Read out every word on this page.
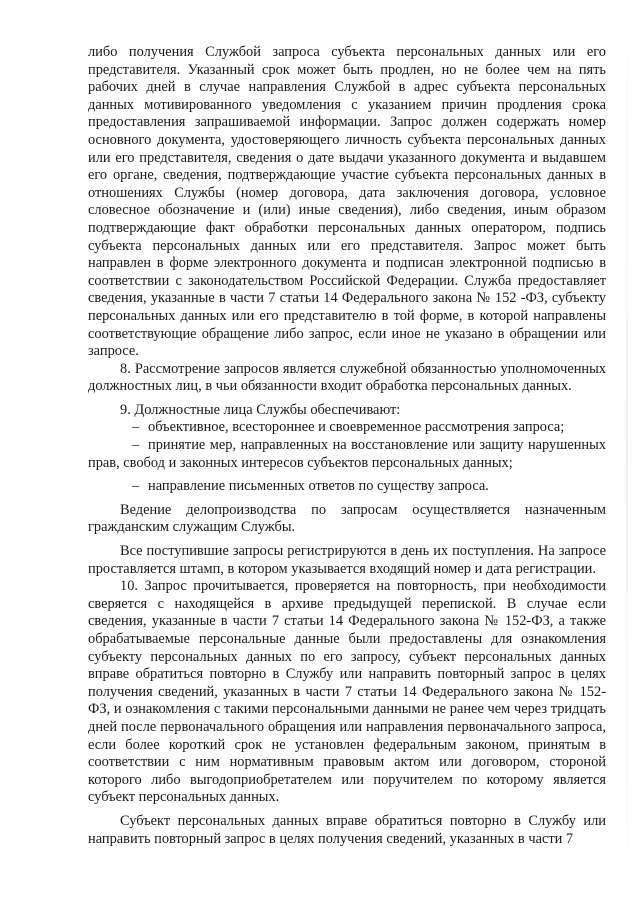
либо получения Службой запроса субъекта персональных данных или его представителя. Указанный срок может быть продлен, но не более чем на пять рабочих дней в случае направления Службой в адрес субъекта персональных данных мотивированного уведомления с указанием причин продления срока предоставления запрашиваемой информации. Запрос должен содержать номер основного документа, удостоверяющего личность субъекта персональных данных или его представителя, сведения о дате выдачи указанного документа и выдавшем его органе, сведения, подтверждающие участие субъекта персональных данных в отношениях Службы (номер договора, дата заключения договора, условное словесное обозначение и (или) иные сведения), либо сведения, иным образом подтверждающие факт обработки персональных данных оператором, подпись субъекта персональных данных или его представителя. Запрос может быть направлен в форме электронного документа и подписан электронной подписью в соответствии с законодательством Российской Федерации. Служба предоставляет сведения, указанные в части 7 статьи 14 Федерального закона № 152 -ФЗ, субъекту персональных данных или его представителю в той форме, в которой направлены соответствующие обращение либо запрос, если иное не указано в обращении или запросе.

8. Рассмотрение запросов является служебной обязанностью уполномоченных должностных лиц, в чьи обязанности входит обработка персональных данных.

9. Должностные лица Службы обеспечивают:

– объективное, всестороннее и своевременное рассмотрения запроса;

– принятие мер, направленных на восстановление или защиту нарушенных прав, свобод и законных интересов субъектов персональных данных;

– направление письменных ответов по существу запроса.

Ведение делопроизводства по запросам осуществляется назначенным гражданским служащим Службы.

Все поступившие запросы регистрируются в день их поступления. На запросе проставляется штамп, в котором указывается входящий номер и дата регистрации.

10. Запрос прочитывается, проверяется на повторность, при необходимости сверяется с находящейся в архиве предыдущей перепиской. В случае если сведения, указанные в части 7 статьи 14 Федерального закона № 152-ФЗ, а также обрабатываемые персональные данные были предоставлены для ознакомления субъекту персональных данных по его запросу, субъект персональных данных вправе обратиться повторно в Службу или направить повторный запрос в целях получения сведений, указанных в части 7 статьи 14 Федерального закона № 152-ФЗ, и ознакомления с такими персональными данными не ранее чем через тридцать дней после первоначального обращения или направления первоначального запроса, если более короткий срок не установлен федеральным законом, принятым в соответствии с ним нормативным правовым актом или договором, стороной которого либо выгодоприобретателем или поручителем по которому является субъект персональных данных.

Субъект персональных данных вправе обратиться повторно в Службу или направить повторный запрос в целях получения сведений, указанных в части 7
